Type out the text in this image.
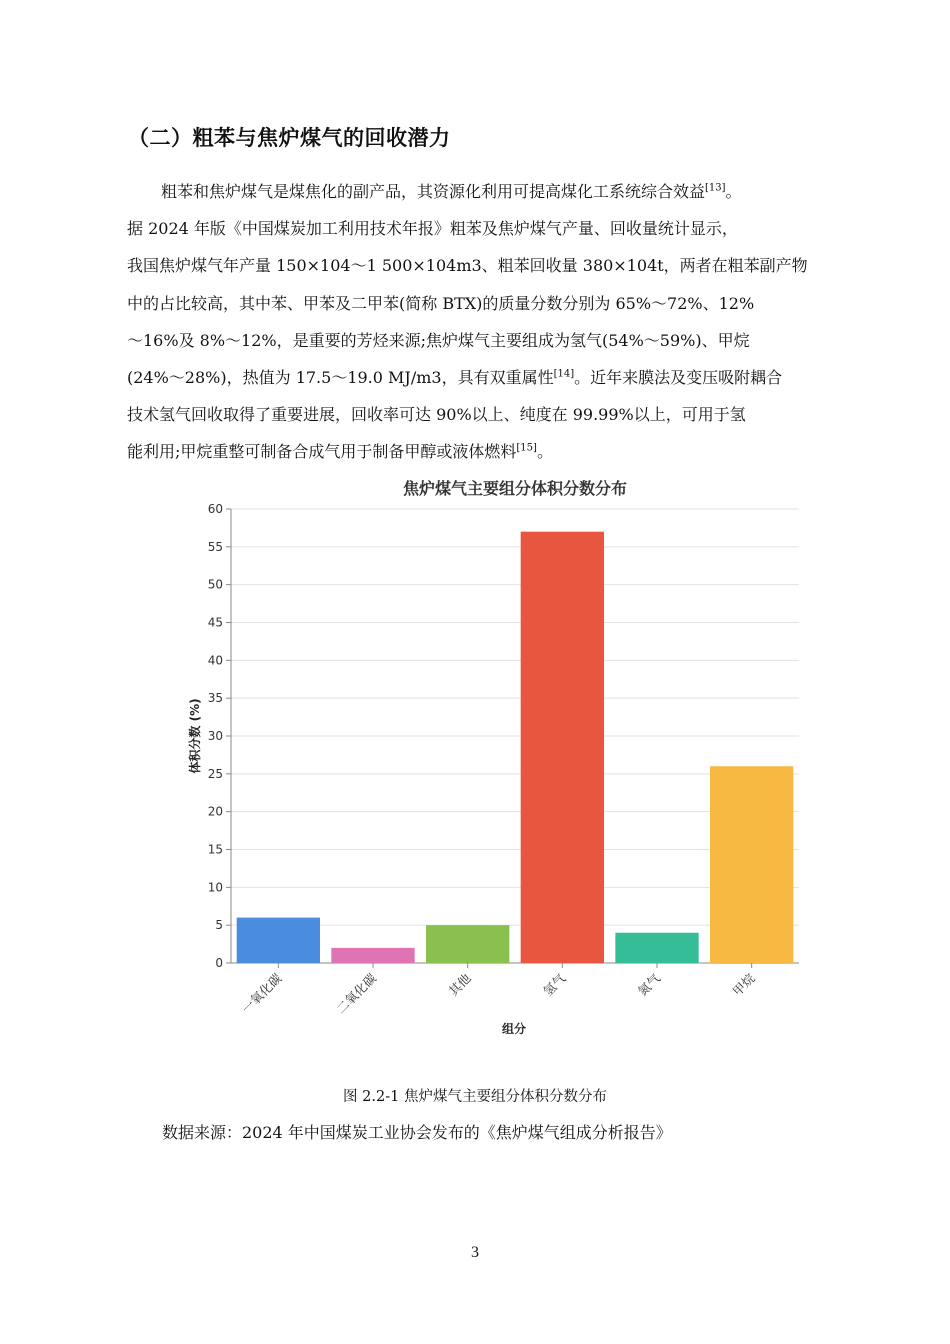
（二）粗苯与焦炉煤气的回收潜力
粗苯和焦炉煤气是煤焦化的副产品，其资源化利用可提高煤化工系统综合效益[13]。
据 2024 年版《中国煤炭加工利用技术年报》粗苯及焦炉煤气产量、回收量统计显示，
我国焦炉煤气年产量 150×104～1 500×104m3、粗苯回收量 380×104t，两者在粗苯副产物
中的占比较高，其中苯、甲苯及二甲苯(简称 BTX)的质量分数分别为 65%～72%、12%
～16%及 8%～12%，是重要的芳烃来源;焦炉煤气主要组成为氢气(54%～59%)、甲烷
(24%～28%)，热值为 17.5～19.0 MJ/m3，具有双重属性[14]。近年来膜法及变压吸附耦合
技术氢气回收取得了重要进展，回收率可达 90%以上、纯度在 99.99%以上，可用于氢
能利用;甲烷重整可制备合成气用于制备甲醇或液体燃料[15]。
焦炉煤气主要组分体积分数分布
0
5
10
15
20
25
30
35
40
45
50
55
60
一氧化碳	二氧化碳	其他	氢气	氮气	甲烷
组分
体积分数 (%)
图 2.2-1 焦炉煤气主要组分体积分数分布
数据来源：2024 年中国煤炭工业协会发布的《焦炉煤气组成分析报告》
3
